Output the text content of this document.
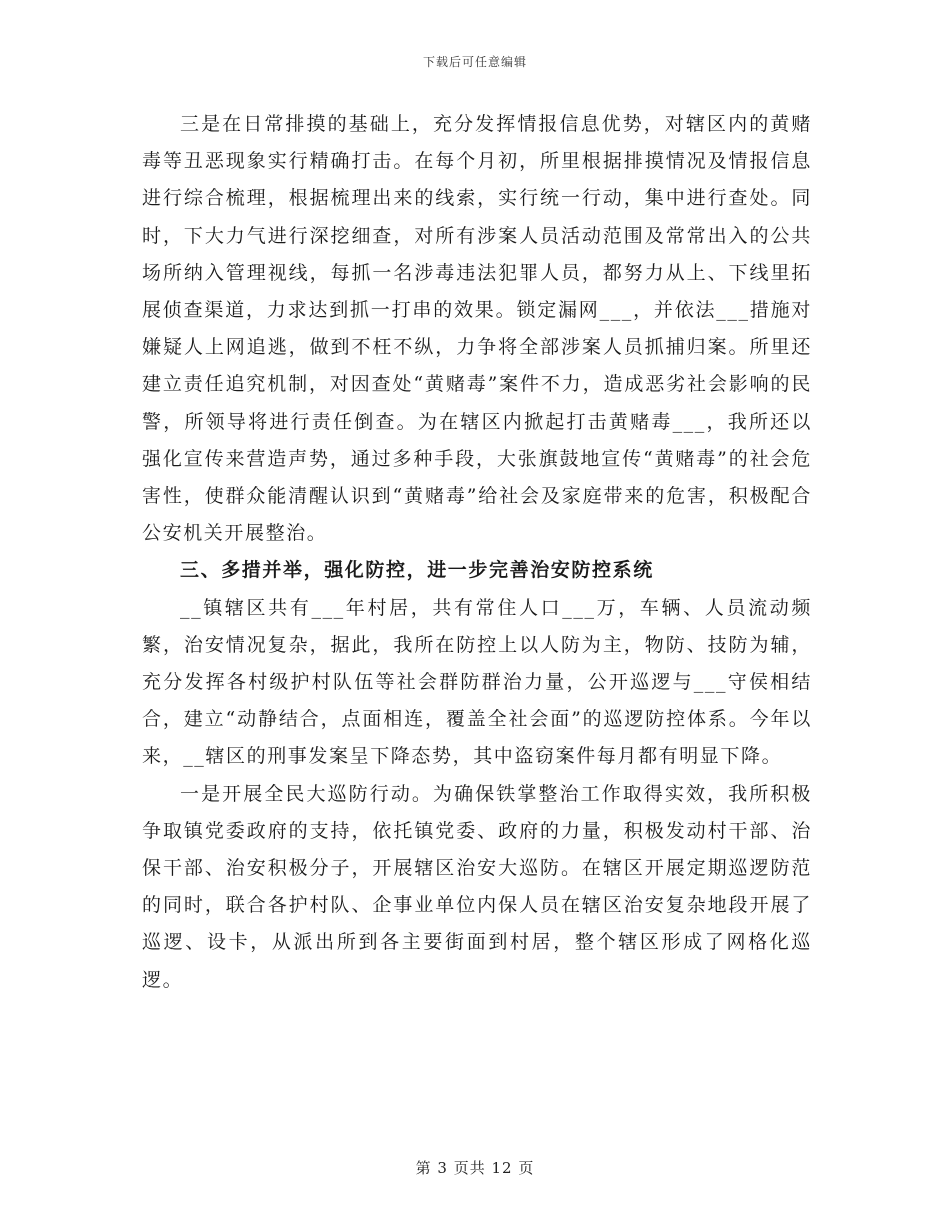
下载后可任意编辑

三是在日常排摸的基础上，充分发挥情报信息优势，对辖区内的黄赌毒等丑恶现象实行精确打击。在每个月初，所里根据排摸情况及情报信息进行综合梳理，根据梳理出来的线索，实行统一行动，集中进行查处。同时，下大力气进行深挖细查，对所有涉案人员活动范围及常常出入的公共场所纳入管理视线，每抓一名涉毒违法犯罪人员，都努力从上、下线里拓展侦查渠道，力求达到抓一打串的效果。锁定漏网___，并依法___措施对嫌疑人上网追逃，做到不枉不纵，力争将全部涉案人员抓捕归案。所里还建立责任追究机制，对因查处“黄赌毒”案件不力，造成恶劣社会影响的民警，所领导将进行责任倒查。为在辖区内掀起打击黄赌毒___，我所还以强化宣传来营造声势，通过多种手段，大张旗鼓地宣传“黄赌毒”的社会危害性，使群众能清醒认识到“黄赌毒”给社会及家庭带来的危害，积极配合公安机关开展整治。

三、多措并举，强化防控，进一步完善治安防控系统

__镇辖区共有___年村居，共有常住人口___万，车辆、人员流动频繁，治安情况复杂，据此，我所在防控上以人防为主，物防、技防为辅，充分发挥各村级护村队伍等社会群防群治力量，公开巡逻与___守侯相结合，建立“动静结合，点面相连，覆盖全社会面”的巡逻防控体系。今年以来，__辖区的刑事发案呈下降态势，其中盗窃案件每月都有明显下降。

一是开展全民大巡防行动。为确保铁掌整治工作取得实效，我所积极争取镇党委政府的支持，依托镇党委、政府的力量，积极发动村干部、治保干部、治安积极分子，开展辖区治安大巡防。在辖区开展定期巡逻防范的同时，联合各护村队、企事业单位内保人员在辖区治安复杂地段开展了巡逻、设卡，从派出所到各主要街面到村居，整个辖区形成了网格化巡逻。

第 3 页共 12 页
